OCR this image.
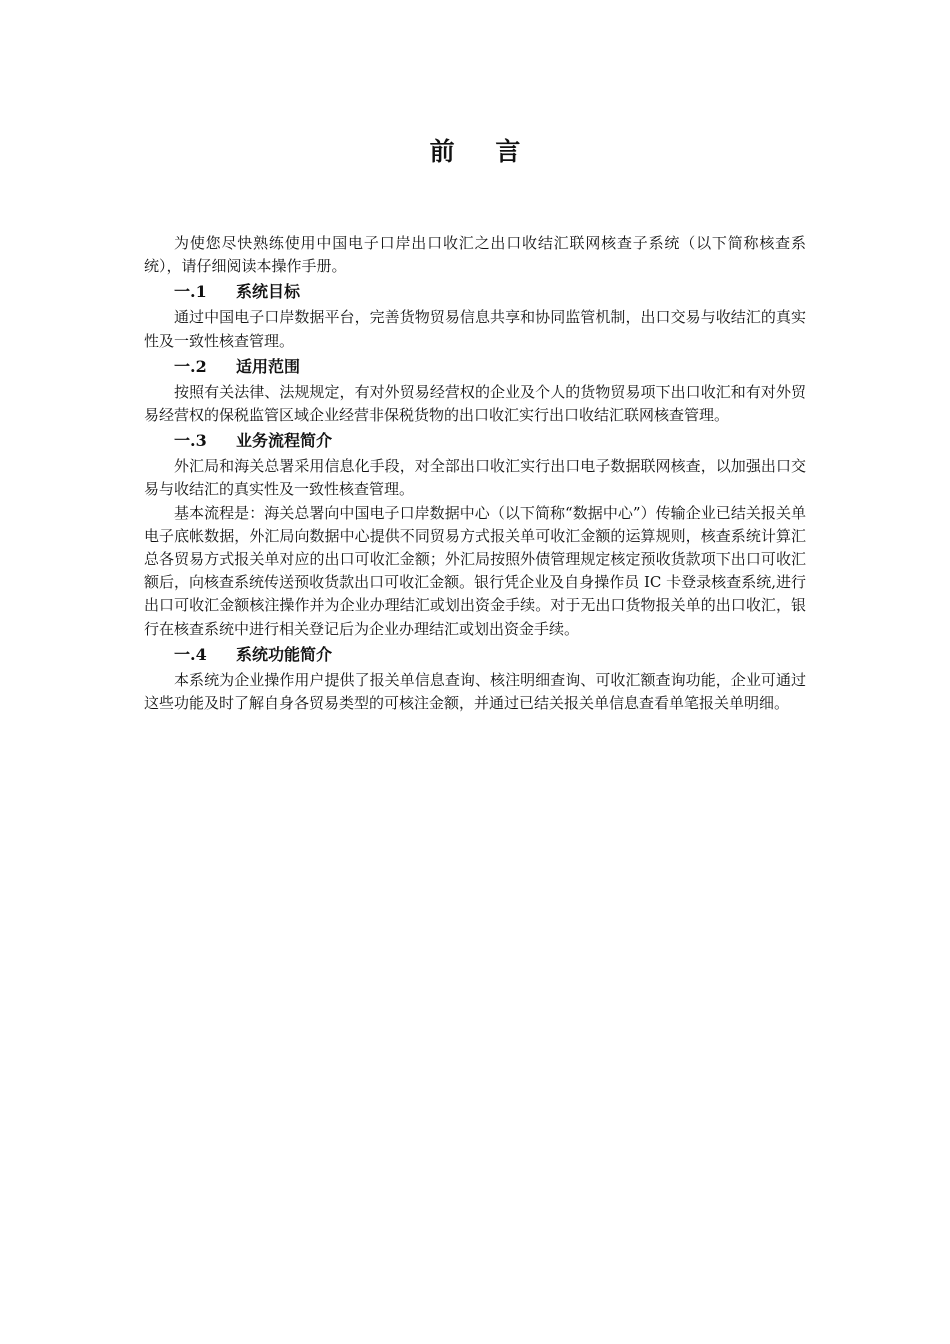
前 言

为使您尽快熟练使用中国电子口岸出口收汇之出口收结汇联网核查子系统（以下简称核查系统），请仔细阅读本操作手册。

一.1	系统目标

通过中国电子口岸数据平台，完善货物贸易信息共享和协同监管机制，出口交易与收结汇的真实性及一致性核查管理。

一.2	适用范围

按照有关法律、法规规定，有对外贸易经营权的企业及个人的货物贸易项下出口收汇和有对外贸易经营权的保税监管区域企业经营非保税货物的出口收汇实行出口收结汇联网核查管理。

一.3	业务流程简介

外汇局和海关总署采用信息化手段，对全部出口收汇实行出口电子数据联网核查，以加强出口交易与收结汇的真实性及一致性核查管理。

基本流程是：海关总署向中国电子口岸数据中心（以下简称“数据中心”）传输企业已结关报关单电子底帐数据，外汇局向数据中心提供不同贸易方式报关单可收汇金额的运算规则，核查系统计算汇总各贸易方式报关单对应的出口可收汇金额；外汇局按照外债管理规定核定预收货款项下出口可收汇额后，向核查系统传送预收货款出口可收汇金额。银行凭企业及自身操作员 IC 卡登录核查系统,进行出口可收汇金额核注操作并为企业办理结汇或划出资金手续。对于无出口货物报关单的出口收汇，银行在核查系统中进行相关登记后为企业办理结汇或划出资金手续。

一.4	系统功能简介

本系统为企业操作用户提供了报关单信息查询、核注明细查询、可收汇额查询功能，企业可通过这些功能及时了解自身各贸易类型的可核注金额，并通过已结关报关单信息查看单笔报关单明细。
